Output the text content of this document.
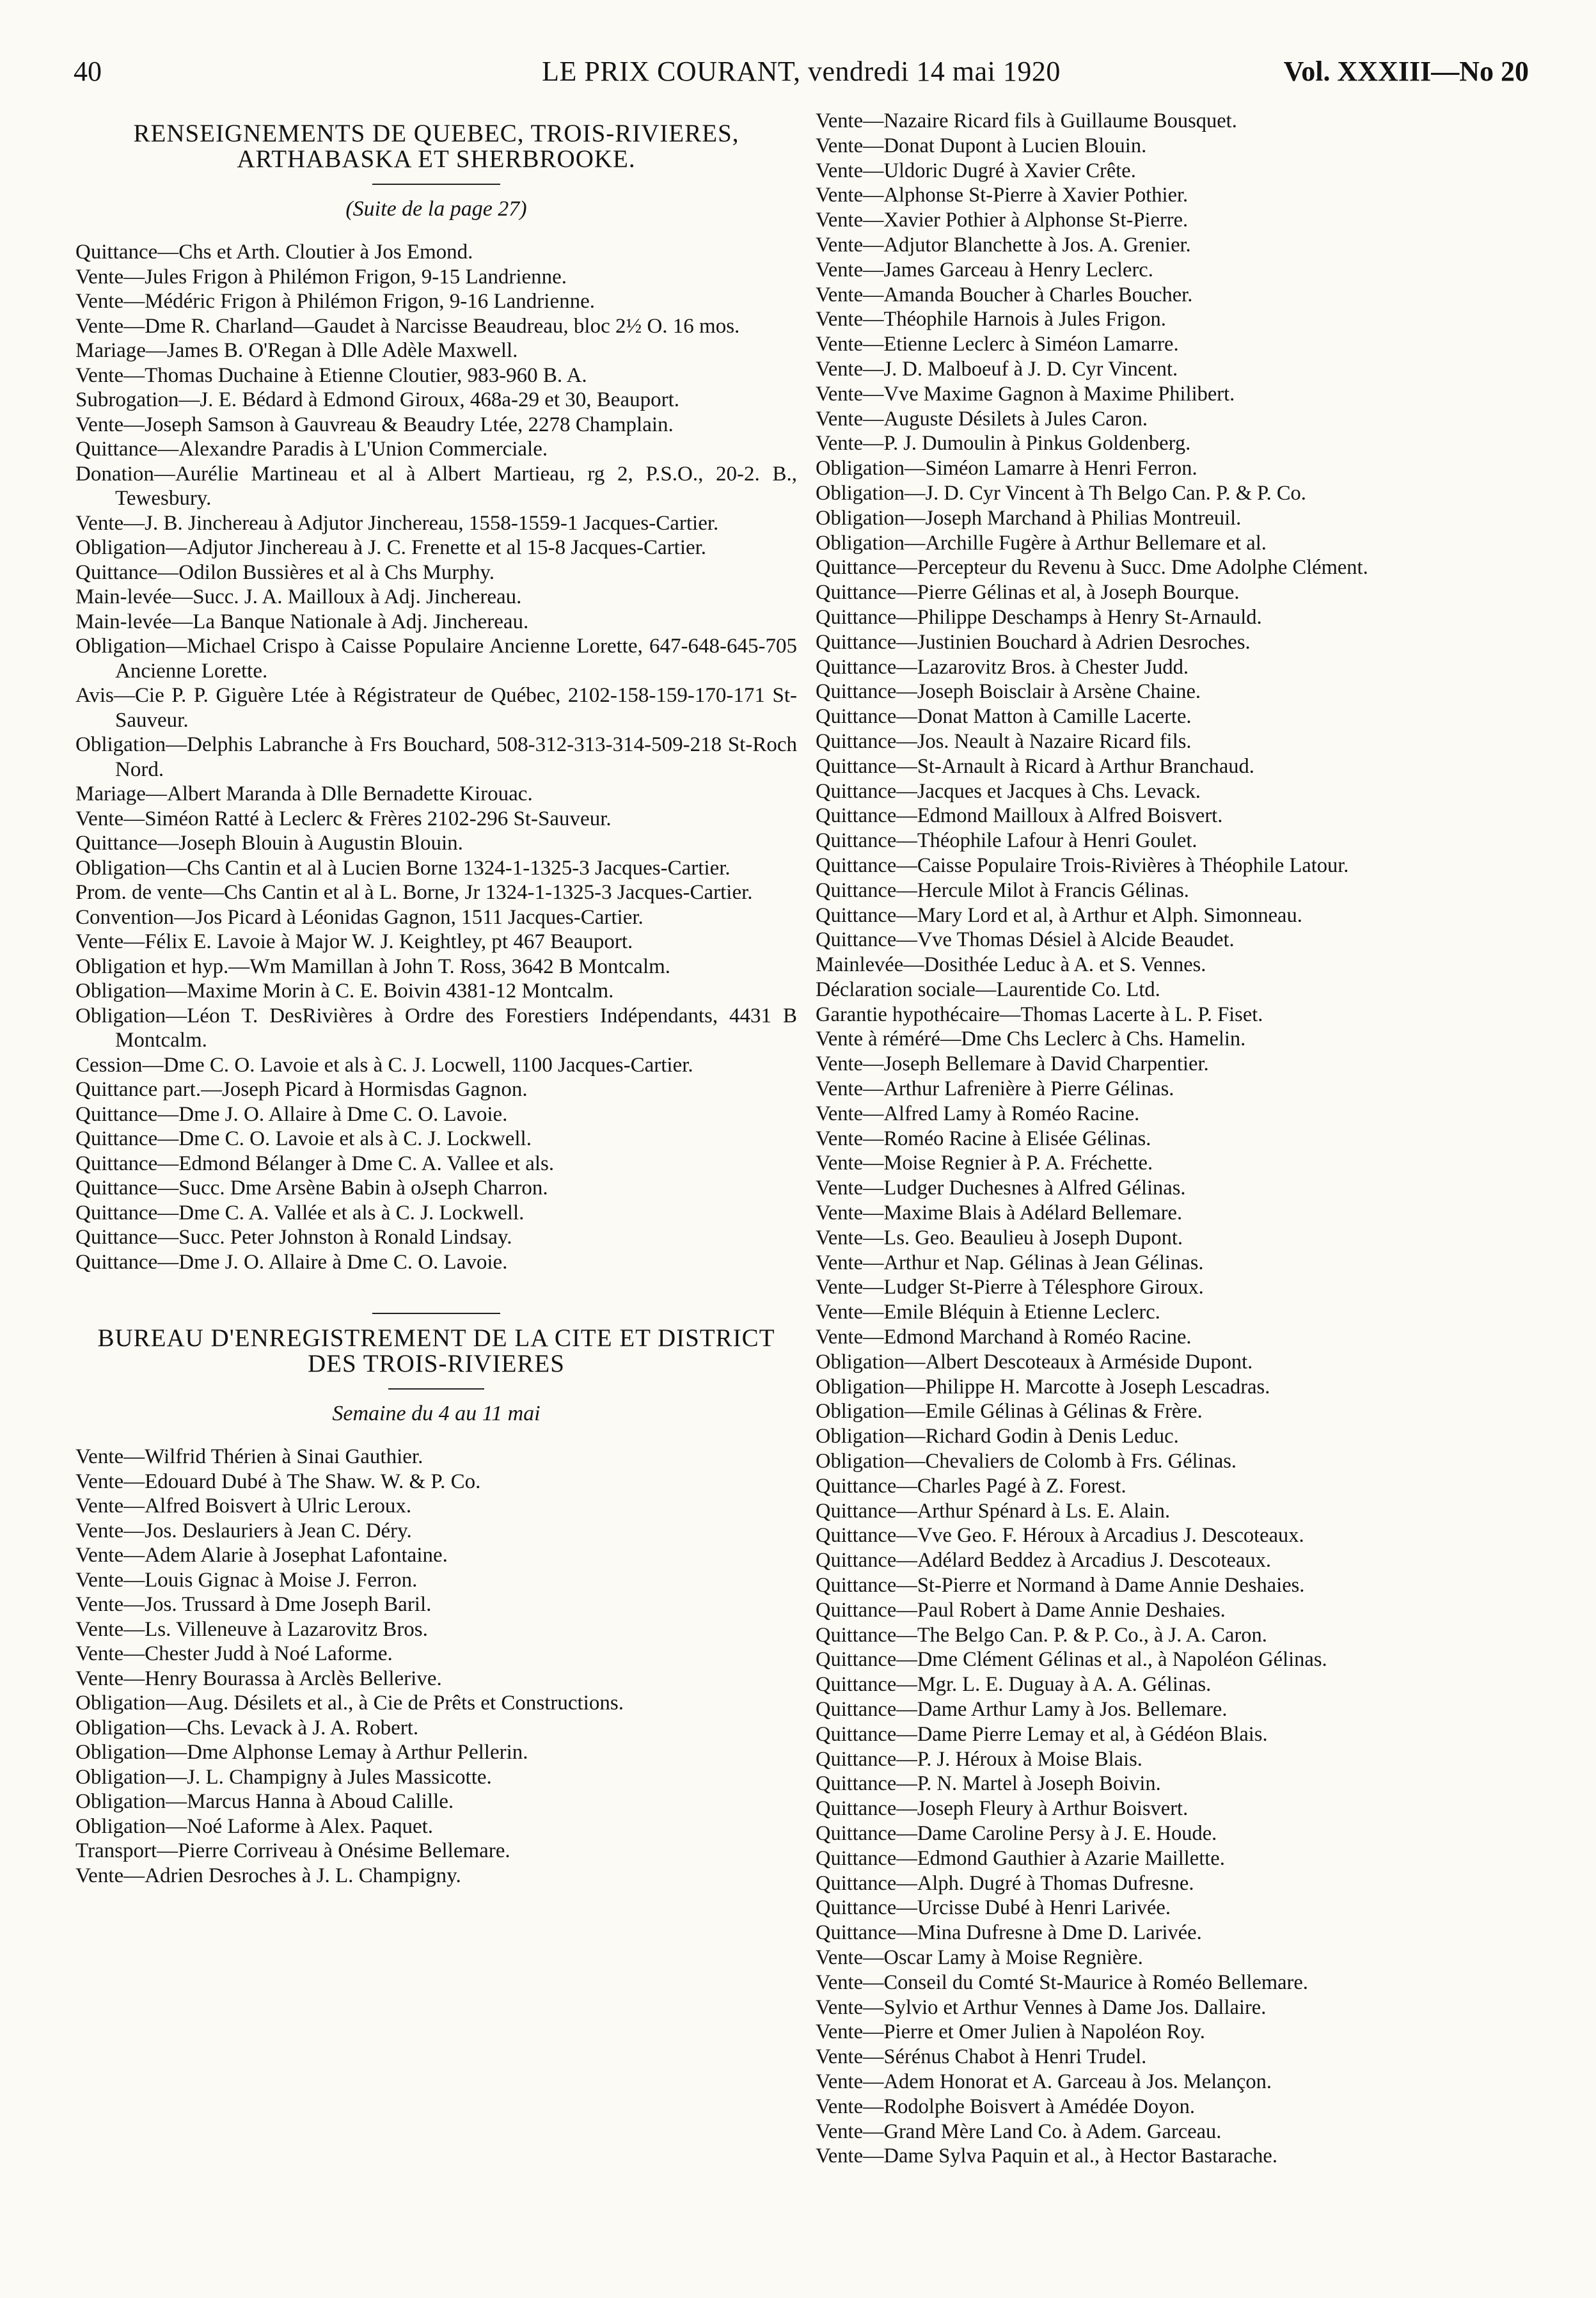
40	LE PRIX COURANT, vendredi 14 mai 1920	Vol. XXXIII—No 20
RENSEIGNEMENTS DE QUEBEC, TROIS-RIVIERES, ARTHABASKA ET SHERBROOKE.
(Suite de la page 27)
Quittance—Chs et Arth. Cloutier à Jos Emond.
Vente—Jules Frigon à Philémon Frigon, 9-15 Landrienne.
Vente—Médéric Frigon à Philémon Frigon, 9-16 Landrienne.
Vente—Dme R. Charland—Gaudet à Narcisse Beaudreau, bloc 2½ O. 16 mos.
Mariage—James B. O'Regan à Dlle Adèle Maxwell.
Vente—Thomas Duchaine à Etienne Cloutier, 983-960 B. A.
Subrogation—J. E. Bédard à Edmond Giroux, 468a-29 et 30, Beauport.
Vente—Joseph Samson à Gauvreau & Beaudry Ltée, 2278 Champlain.
Quittance—Alexandre Paradis à L'Union Commerciale.
Donation—Aurélie Martineau et al à Albert Martieau, rg 2, P.S.O., 20-2. B., Tewesbury.
Vente—J. B. Jinchereau à Adjutor Jinchereau, 1558-1559-1 Jacques-Cartier.
Obligation—Adjutor Jinchereau à J. C. Frenette et al 15-8 Jacques-Cartier.
Quittance—Odilon Bussières et al à Chs Murphy.
Main-levée—Succ. J. A. Mailloux à Adj. Jinchereau.
Main-levée—La Banque Nationale à Adj. Jinchereau.
Obligation—Michael Crispo à Caisse Populaire Ancienne Lorette, 647-648-645-705 Ancienne Lorette.
Avis—Cie P. P. Giguère Ltée à Régistrateur de Québec, 2102-158-159-170-171 St-Sauveur.
Obligation—Delphis Labranche à Frs Bouchard, 508-312-313-314-509-218 St-Roch Nord.
Mariage—Albert Maranda à Dlle Bernadette Kirouac.
Vente—Siméon Ratté à Leclerc & Frères 2102-296 St-Sauveur.
Quittance—Joseph Blouin à Augustin Blouin.
Obligation—Chs Cantin et al à Lucien Borne 1324-1-1325-3 Jacques-Cartier.
Prom. de vente—Chs Cantin et al à L. Borne, Jr 1324-1-1325-3 Jacques-Cartier.
Convention—Jos Picard à Léonidas Gagnon, 1511 Jacques-Cartier.
Vente—Félix E. Lavoie à Major W. J. Keightley, pt 467 Beauport.
Obligation et hyp.—Wm Mamillan à John T. Ross, 3642 B Montcalm.
Obligation—Maxime Morin à C. E. Boivin 4381-12 Montcalm.
Obligation—Léon T. DesRivières à Ordre des Forestiers Indépendants, 4431 B Montcalm.
Cession—Dme C. O. Lavoie et als à C. J. Locwell, 1100 Jacques-Cartier.
Quittance part.—Joseph Picard à Hormisdas Gagnon.
Quittance—Dme J. O. Allaire à Dme C. O. Lavoie.
Quittance—Dme C. O. Lavoie et als à C. J. Lockwell.
Quittance—Edmond Bélanger à Dme C. A. Vallee et als.
Quittance—Succ. Dme Arsène Babin à oJseph Charron.
Quittance—Dme C. A. Vallée et als à C. J. Lockwell.
Quittance—Succ. Peter Johnston à Ronald Lindsay.
Quittance—Dme J. O. Allaire à Dme C. O. Lavoie.
BUREAU D'ENREGISTREMENT DE LA CITE ET DISTRICT DES TROIS-RIVIERES
Semaine du 4 au 11 mai
Vente—Wilfrid Thérien à Sinai Gauthier.
Vente—Edouard Dubé à The Shaw. W. & P. Co.
Vente—Alfred Boisvert à Ulric Leroux.
Vente—Jos. Deslauriers à Jean C. Déry.
Vente—Adem Alarie à Josephat Lafontaine.
Vente—Louis Gignac à Moise J. Ferron.
Vente—Jos. Trussard à Dme Joseph Baril.
Vente—Ls. Villeneuve à Lazarovitz Bros.
Vente—Chester Judd à Noé Laforme.
Vente—Henry Bourassa à Arclès Bellerive.
Obligation—Aug. Désilets et al., à Cie de Prêts et Constructions.
Obligation—Chs. Levack à J. A. Robert.
Obligation—Dme Alphonse Lemay à Arthur Pellerin.
Obligation—J. L. Champigny à Jules Massicotte.
Obligation—Marcus Hanna à Aboud Calille.
Obligation—Noé Laforme à Alex. Paquet.
Transport—Pierre Corriveau à Onésime Bellemare.
Vente—Adrien Desroches à J. L. Champigny.
Vente—Nazaire Ricard fils à Guillaume Bousquet.
Vente—Donat Dupont à Lucien Blouin.
Vente—Uldoric Dugré à Xavier Crête.
Vente—Alphonse St-Pierre à Xavier Pothier.
Vente—Xavier Pothier à Alphonse St-Pierre.
Vente—Adjutor Blanchette à Jos. A. Grenier.
Vente—James Garceau à Henry Leclerc.
Vente—Amanda Boucher à Charles Boucher.
Vente—Théophile Harnois à Jules Frigon.
Vente—Etienne Leclerc à Siméon Lamarre.
Vente—J. D. Malboeuf à J. D. Cyr Vincent.
Vente—Vve Maxime Gagnon à Maxime Philibert.
Vente—Auguste Désilets à Jules Caron.
Vente—P. J. Dumoulin à Pinkus Goldenberg.
Obligation—Siméon Lamarre à Henri Ferron.
Obligation—J. D. Cyr Vincent à Th Belgo Can. P. & P. Co.
Obligation—Joseph Marchand à Philias Montreuil.
Obligation—Archille Fugère à Arthur Bellemare et al.
Quittance—Percepteur du Revenu à Succ. Dme Adolphe Clément.
Quittance—Pierre Gélinas et al, à Joseph Bourque.
Quittance—Philippe Deschamps à Henry St-Arnauld.
Quittance—Justinien Bouchard à Adrien Desroches.
Quittance—Lazarovitz Bros. à Chester Judd.
Quittance—Joseph Boisclair à Arsène Chaine.
Quittance—Donat Matton à Camille Lacerte.
Quittance—Jos. Neault à Nazaire Ricard fils.
Quittance—St-Arnault à Ricard à Arthur Branchaud.
Quittance—Jacques et Jacques à Chs. Levack.
Quittance—Edmond Mailloux à Alfred Boisvert.
Quittance—Théophile Lafour à Henri Goulet.
Quittance—Caisse Populaire Trois-Rivières à Théophile Latour.
Quittance—Hercule Milot à Francis Gélinas.
Quittance—Mary Lord et al, à Arthur et Alph. Simonneau.
Quittance—Vve Thomas Désiel à Alcide Beaudet.
Mainlevée—Dosithée Leduc à A. et S. Vennes.
Déclaration sociale—Laurentide Co. Ltd.
Garantie hypothécaire—Thomas Lacerte à L. P. Fiset.
Vente à réméré—Dme Chs Leclerc à Chs. Hamelin.
Vente—Joseph Bellemare à David Charpentier.
Vente—Arthur Lafrenière à Pierre Gélinas.
Vente—Alfred Lamy à Roméo Racine.
Vente—Roméo Racine à Elisée Gélinas.
Vente—Moise Regnier à P. A. Fréchette.
Vente—Ludger Duchesnes à Alfred Gélinas.
Vente—Maxime Blais à Adélard Bellemare.
Vente—Ls. Geo. Beaulieu à Joseph Dupont.
Vente—Arthur et Nap. Gélinas à Jean Gélinas.
Vente—Ludger St-Pierre à Télesphore Giroux.
Vente—Emile Bléquin à Etienne Leclerc.
Vente—Edmond Marchand à Roméo Racine.
Obligation—Albert Descoteaux à Arméside Dupont.
Obligation—Philippe H. Marcotte à Joseph Lescadras.
Obligation—Emile Gélinas à Gélinas & Frère.
Obligation—Richard Godin à Denis Leduc.
Obligation—Chevaliers de Colomb à Frs. Gélinas.
Quittance—Charles Pagé à Z. Forest.
Quittance—Arthur Spénard à Ls. E. Alain.
Quittance—Vve Geo. F. Héroux à Arcadius J. Descoteaux.
Quittance—Adélard Beddez à Arcadius J. Descoteaux.
Quittance—St-Pierre et Normand à Dame Annie Deshaies.
Quittance—Paul Robert à Dame Annie Deshaies.
Quittance—The Belgo Can. P. & P. Co., à J. A. Caron.
Quittance—Dme Clément Gélinas et al., à Napoléon Gélinas.
Quittance—Mgr. L. E. Duguay à A. A. Gélinas.
Quittance—Dame Arthur Lamy à Jos. Bellemare.
Quittance—Dame Pierre Lemay et al, à Gédéon Blais.
Quittance—P. J. Héroux à Moise Blais.
Quittance—P. N. Martel à Joseph Boivin.
Quittance—Joseph Fleury à Arthur Boisvert.
Quittance—Dame Caroline Persy à J. E. Houde.
Quittance—Edmond Gauthier à Azarie Maillette.
Quittance—Alph. Dugré à Thomas Dufresne.
Quittance—Urcisse Dubé à Henri Larivée.
Quittance—Mina Dufresne à Dme D. Larivée.
Vente—Oscar Lamy à Moise Regnière.
Vente—Conseil du Comté St-Maurice à Roméo Bellemare.
Vente—Sylvio et Arthur Vennes à Dame Jos. Dallaire.
Vente—Pierre et Omer Julien à Napoléon Roy.
Vente—Sérénus Chabot à Henri Trudel.
Vente—Adem Honorat et A. Garceau à Jos. Melançon.
Vente—Rodolphe Boisvert à Amédée Doyon.
Vente—Grand Mère Land Co. à Adem. Garceau.
Vente—Dame Sylva Paquin et al., à Hector Bastarache.
